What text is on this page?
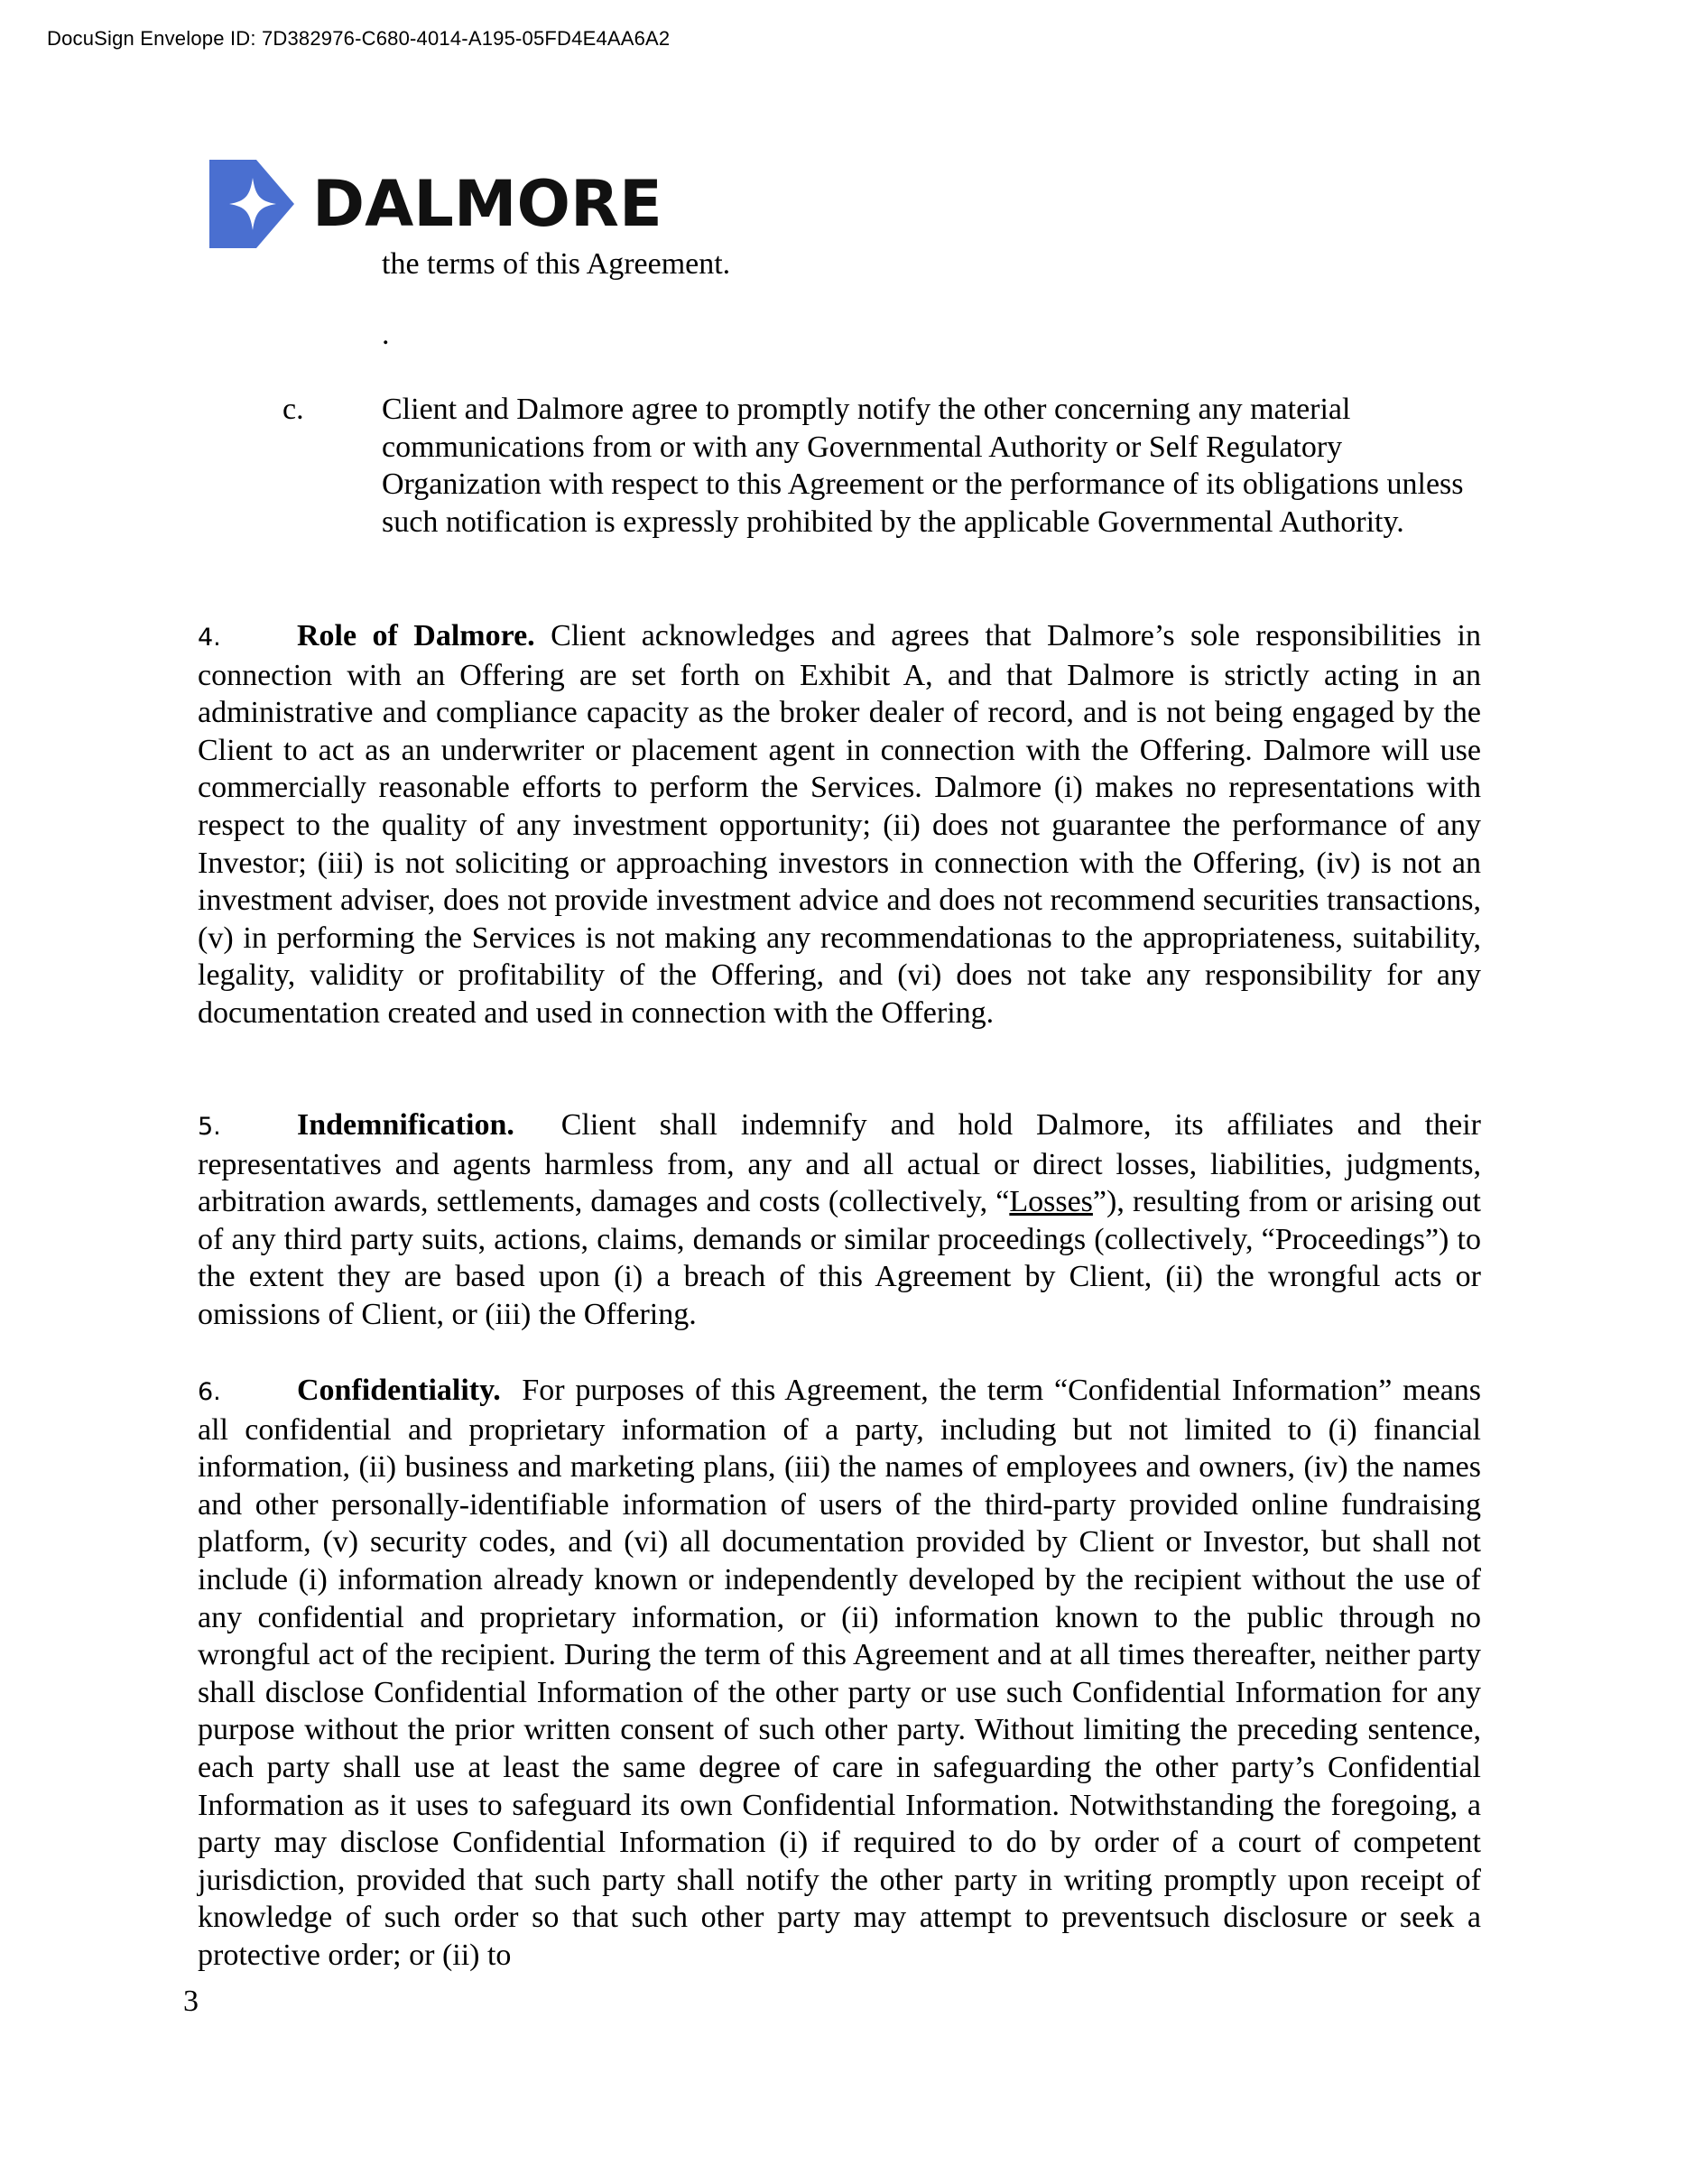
DocuSign Envelope ID: 7D382976-C680-4014-A195-05FD4E4AA6A2
DALMORE

the terms of this Agreement.

.

c.	Client and Dalmore agree to promptly notify the other concerning any material communications from or with any Governmental Authority or Self Regulatory Organization with respect to this Agreement or the performance of its obligations unless such notification is expressly prohibited by the applicable Governmental Authority.

4. Role of Dalmore. Client acknowledges and agrees that Dalmore’s sole responsibilities in connection with an Offering are set forth on Exhibit A, and that Dalmore is strictly acting in an administrative and compliance capacity as the broker dealer of record, and is not being engaged by the Client to act as an underwriter or placement agent in connection with the Offering. Dalmore will use commercially reasonable efforts to perform the Services. Dalmore (i) makes no representations with respect to the quality of any investment opportunity; (ii) does not guarantee the performance of any Investor; (iii) is not soliciting or approaching investors in connection with the Offering, (iv) is not an investment adviser, does not provide investment advice and does not recommend securities transactions, (v) in performing the Services is not making any recommendationas to the appropriateness, suitability, legality, validity or profitability of the Offering, and (vi) does not take any responsibility for any documentation created and used in connection with the Offering.

5. Indemnification. Client shall indemnify and hold Dalmore, its affiliates and their representatives and agents harmless from, any and all actual or direct losses, liabilities, judgments, arbitration awards, settlements, damages and costs (collectively, “Losses”), resulting from or arising out of any third party suits, actions, claims, demands or similar proceedings (collectively, “Proceedings”) to the extent they are based upon (i) a breach of this Agreement by Client, (ii) the wrongful acts or omissions of Client, or (iii) the Offering.

6. Confidentiality. For purposes of this Agreement, the term “Confidential Information” means all confidential and proprietary information of a party, including but not limited to (i) financial information, (ii) business and marketing plans, (iii) the names of employees and owners, (iv) the names and other personally-identifiable information of users of the third-party provided online fundraising platform, (v) security codes, and (vi) all documentation provided by Client or Investor, but shall not include (i) information already known or independently developed by the recipient without the use of any confidential and proprietary information, or (ii) information known to the public through no wrongful act of the recipient. During the term of this Agreement and at all times thereafter, neither party shall disclose Confidential Information of the other party or use such Confidential Information for any purpose without the prior written consent of such other party. Without limiting the preceding sentence, each party shall use at least the same degree of care in safeguarding the other party’s Confidential Information as it uses to safeguard its own Confidential Information. Notwithstanding the foregoing, a party may disclose Confidential Information (i) if required to do by order of a court of competent jurisdiction, provided that such party shall notify the other party in writing promptly upon receipt of knowledge of such order so that such other party may attempt to preventsuch disclosure or seek a protective order; or (ii) to

3
